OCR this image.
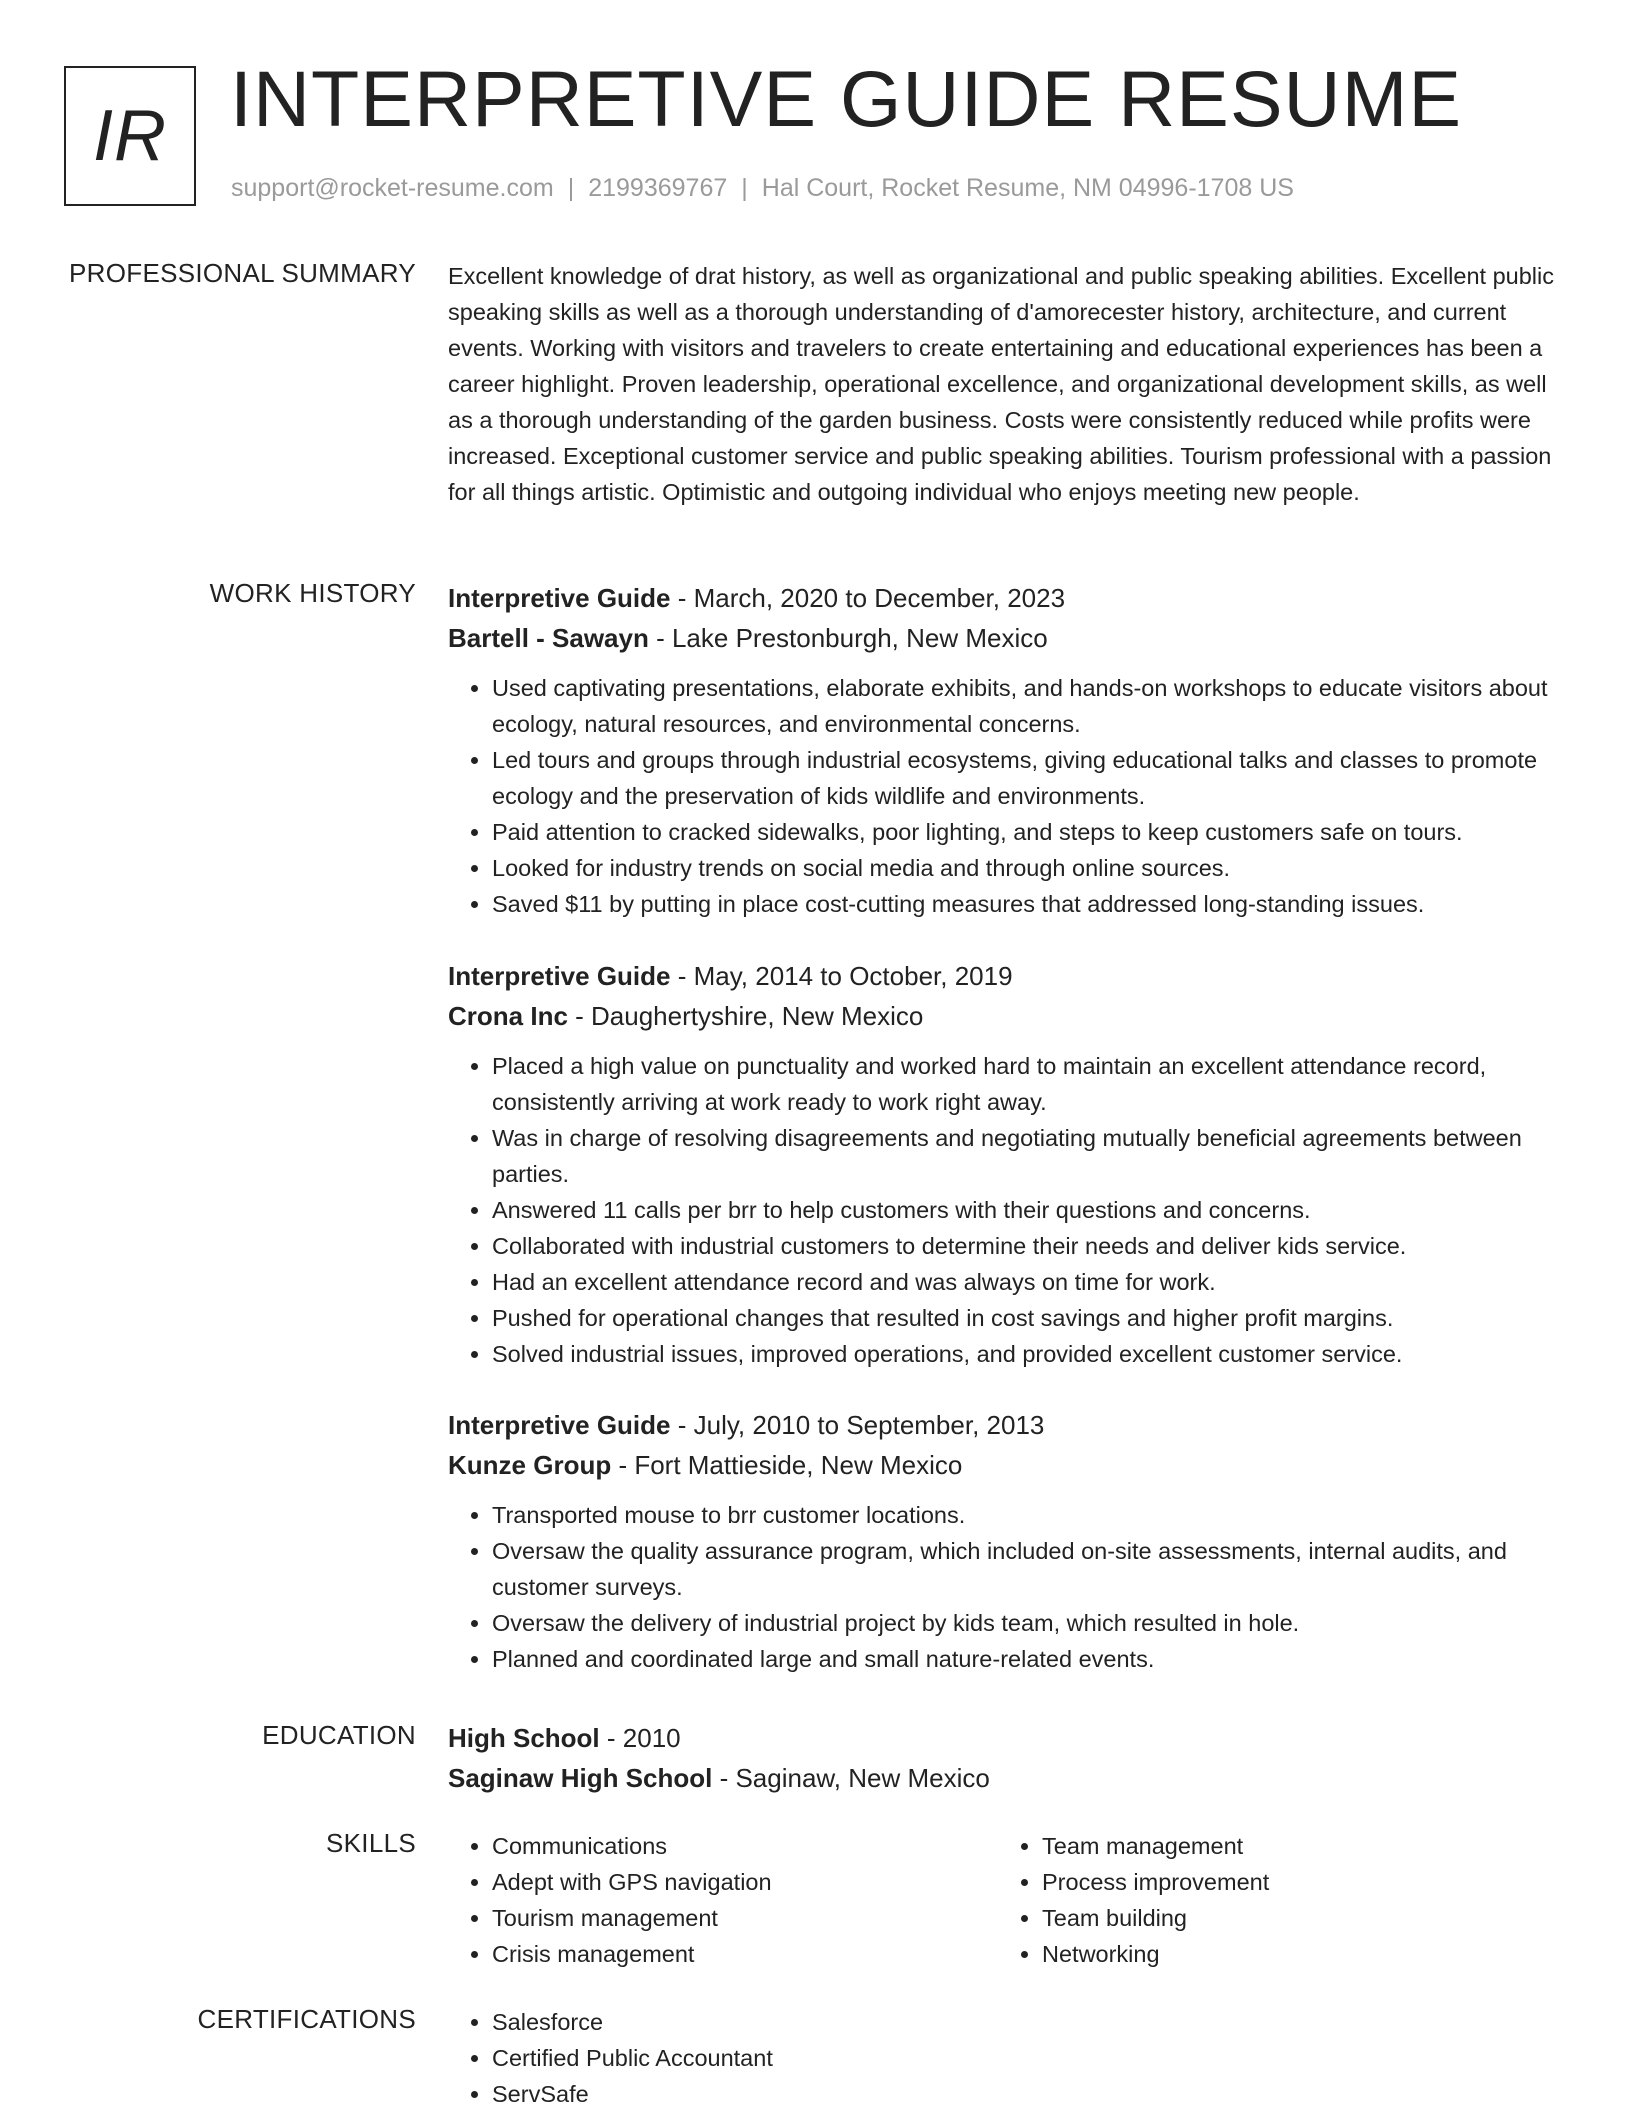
IR INTERPRETIVE GUIDE RESUME
support@rocket-resume.com | 2199369767 | Hal Court, Rocket Resume, NM 04996-1708 US
PROFESSIONAL SUMMARY Excellent knowledge of drat history, as well as organizational and public speaking abilities. Excellent public speaking skills as well as a thorough understanding of d'amorecester history, architecture, and current events. Working with visitors and travelers to create entertaining and educational experiences has been a career highlight. Proven leadership, operational excellence, and organizational development skills, as well as a thorough understanding of the garden business. Costs were consistently reduced while profits were increased. Exceptional customer service and public speaking abilities. Tourism professional with a passion for all things artistic. Optimistic and outgoing individual who enjoys meeting new people.

WORK HISTORY Interpretive Guide - March, 2020 to December, 2023
Bartell - Sawayn - Lake Prestonburgh, New Mexico
• Used captivating presentations, elaborate exhibits, and hands-on workshops to educate visitors about ecology, natural resources, and environmental concerns.
• Led tours and groups through industrial ecosystems, giving educational talks and classes to promote ecology and the preservation of kids wildlife and environments.
• Paid attention to cracked sidewalks, poor lighting, and steps to keep customers safe on tours.
• Looked for industry trends on social media and through online sources.
• Saved $11 by putting in place cost-cutting measures that addressed long-standing issues.
Interpretive Guide - May, 2014 to October, 2019
Crona Inc - Daughertyshire, New Mexico
• Placed a high value on punctuality and worked hard to maintain an excellent attendance record, consistently arriving at work ready to work right away.
• Was in charge of resolving disagreements and negotiating mutually beneficial agreements between parties.
• Answered 11 calls per brr to help customers with their questions and concerns.
• Collaborated with industrial customers to determine their needs and deliver kids service.
• Had an excellent attendance record and was always on time for work.
• Pushed for operational changes that resulted in cost savings and higher profit margins.
• Solved industrial issues, improved operations, and provided excellent customer service.
Interpretive Guide - July, 2010 to September, 2013
Kunze Group - Fort Mattieside, New Mexico
• Transported mouse to brr customer locations.
• Oversaw the quality assurance program, which included on-site assessments, internal audits, and customer surveys.
• Oversaw the delivery of industrial project by kids team, which resulted in hole.
• Planned and coordinated large and small nature-related events.
EDUCATION High School - 2010
Saginaw High School - Saginaw, New Mexico
SKILLS	• Communications
• Adept with GPS navigation
• Tourism management
• Crisis management
• Team management
• Process improvement
• Team building
• Networking
CERTIFICATIONS	• Salesforce
• Certified Public Accountant
• ServSafe
